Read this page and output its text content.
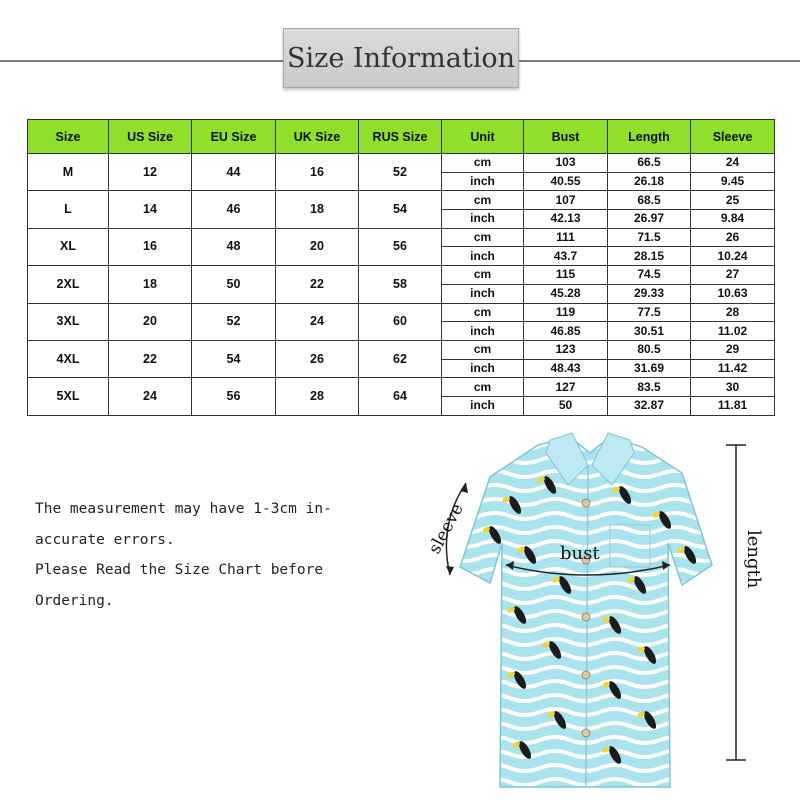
Size Information
Size	US Size	EU Size	UK Size	RUS Size	Unit	Bust	Length	Sleeve
M	12	44	16	52	cm	103	66.5	24
					inch	40.55	26.18	9.45
L	14	46	18	54	cm	107	68.5	25
					inch	42.13	26.97	9.84
XL	16	48	20	56	cm	111	71.5	26
					inch	43.7	28.15	10.24
2XL	18	50	22	58	cm	115	74.5	27
					inch	45.28	29.33	10.63
3XL	20	52	24	60	cm	119	77.5	28
					inch	46.85	30.51	11.02
4XL	22	54	26	62	cm	123	80.5	29
					inch	48.43	31.69	11.42
5XL	24	56	28	64	cm	127	83.5	30
					inch	50	32.87	11.81

The measurement may have 1-3cm in-

accurate errors.

Please Read the Size Chart before

Ordering.

bust
sleeve
length
